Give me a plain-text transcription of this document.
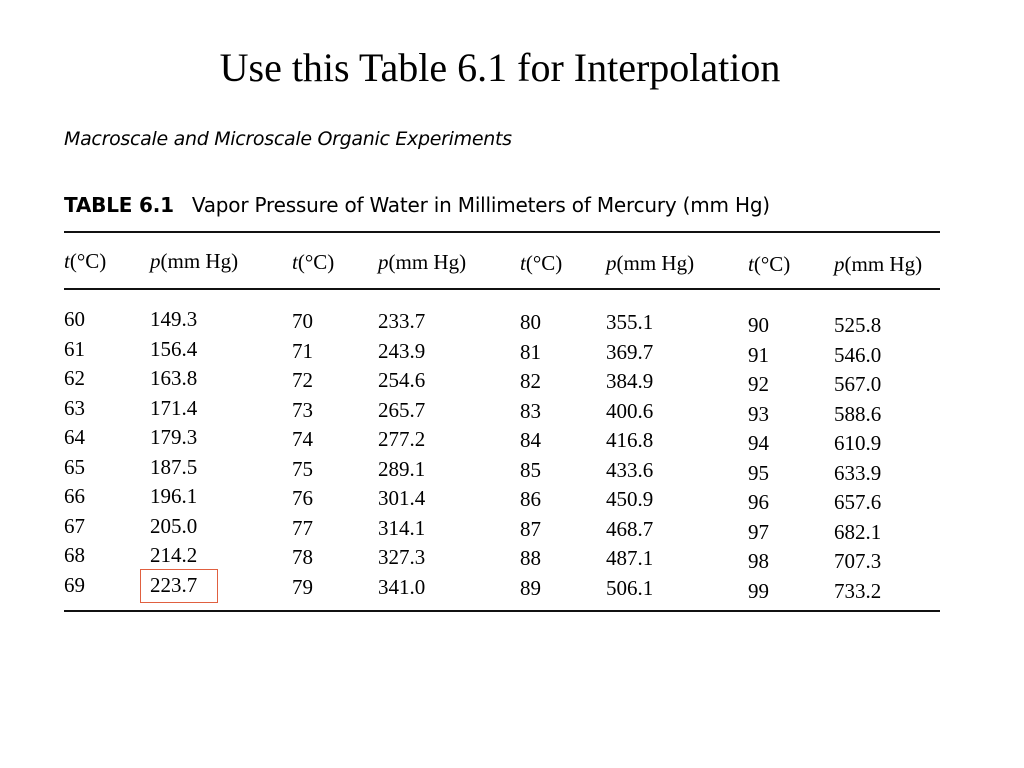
Use this Table 6.1 for Interpolation
Macroscale and Microscale Organic Experiments
TABLE 6.1 Vapor Pressure of Water in Millimeters of Mercury (mm Hg)
t(°C) p(mm Hg)
60
61
62
63
64
65
66
67
68
69
149.3
156.4
163.8
171.4
179.3
187.5
196.1
205.0
214.2
223.7
t(°C) p(mm Hg)
70
71
72
73
74
75
76
77
78
79
233.7
243.9
254.6
265.7
277.2
289.1
301.4
314.1
327.3
341.0
t(°C) p(mm Hg)
80
81
82
83
84
85
86
87
88
89
355.1
369.7
384.9
400.6
416.8
433.6
450.9
468.7
487.1
506.1
t(°C) p(mm Hg)
90
91
92
93
94
95
96
97
98
99
525.8
546.0
567.0
588.6
610.9
633.9
657.6
682.1
707.3
733.2
